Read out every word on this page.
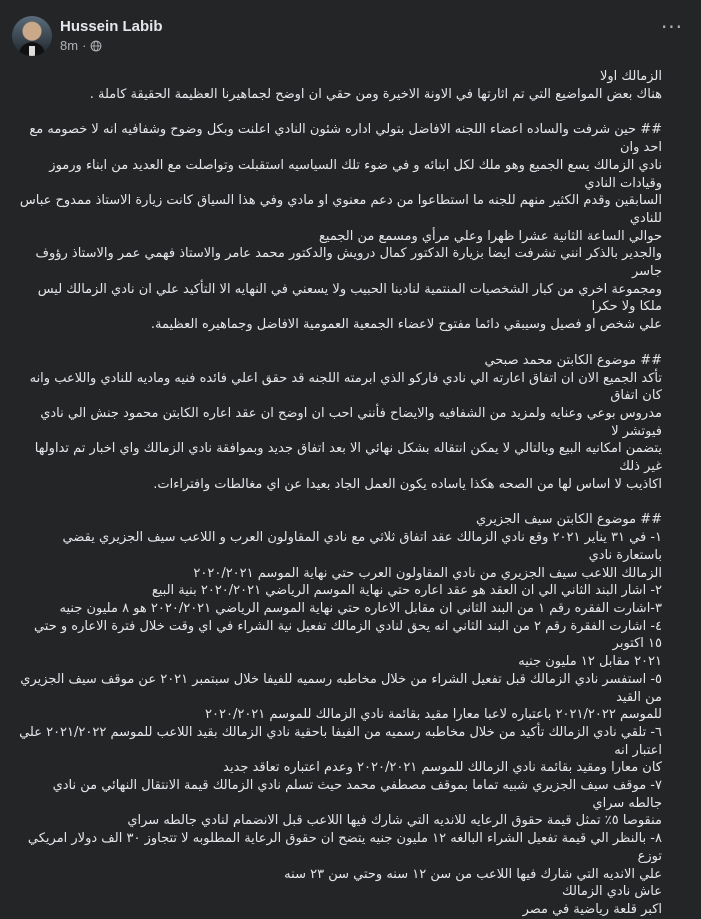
Hussein Labib
8m ·
···
الزمالك اولا
هناك بعض المواضيع التي تم اثارتها في الاونة الاخيرة ومن حقي ان اوضح لجماهيرنا العظيمة الحقيقة كاملة .
## حين شرفت والساده اعضاء اللجنه الافاضل بتولي اداره شئون النادي اعلنت وبكل وضوح وشفافيه انه لا خصومه مع احد وان
نادي الزمالك يسع الجميع وهو ملك لكل ابنائه و في ضوء تلك السياسيه استقبلت وتواصلت مع العديد من ابناء ورموز وقيادات النادي
السابقين وقدم الكثير منهم للجنه ما استطاعوا من دعم معنوي او مادي وفي هذا السياق كانت زيارة الاستاذ ممدوح عباس للنادي
حوالي الساعة الثانية عشرا ظهرا وعلي مرأي ومسمع من الجميع
والجدير بالذكر انني تشرفت ايضا بزيارة الدكتور كمال درويش والدكتور محمد عامر والاستاذ فهمي عمر والاستاذ رؤوف جاسر
ومجموعة اخري من كبار الشخصيات المنتمية لنادينا الحبيب ولا يسعني في النهايه الا التأكيد علي ان نادي الزمالك ليس ملكا ولا حكرا
علي شخص او فصيل وسيبقي دائما مفتوح لاعضاء الجمعية العمومية الافاضل وجماهيره العظيمة.
## موضوع الكابتن محمد صبحي
تأكد الجميع الان ان اتفاق اعارته الي نادي فاركو الذي ابرمته اللجنه قد حقق اعلي فائده فنيه وماديه للنادي واللاعب وانه كان اتفاق
مدروس بوعي وعنايه ولمزيد من الشفافيه والايضاح فأنني احب ان اوضح ان عقد اعاره الكابتن محمود جنش الي نادي فيوتشر لا
يتضمن امكانيه البيع وبالتالي لا يمكن انتقاله بشكل نهائي الا بعد اتفاق جديد وبموافقة نادي الزمالك واي اخبار تم تداولها غير ذلك
اكاذيب لا اساس لها من الصحه هكذا ياساده يكون العمل الجاد بعيدا عن اي مغالطات وافتراءات.
## موضوع الكابتن سيف الجزيري
١- في ٣١ يناير ٢٠٢١ وقع نادي الزمالك عقد اتفاق ثلاثي مع نادي المقاولون العرب و اللاعب سيف الجزيري يقضي باستعارة نادي
الزمالك اللاعب سيف الجزيري من نادي المقاولون العرب حتي نهاية الموسم ٢٠٢٠/٢٠٢١
٢- اشار البند الثاني الي ان العقد هو عقد اعاره حتي نهاية الموسم الرياضي ٢٠٢٠/٢٠٢١ بنية البيع
٣-اشارت الفقره رقم ١ من البند الثاني ان مقابل الاعاره حتي نهاية الموسم الرياضي ٢٠٢٠/٢٠٢١ هو ٨ مليون جنيه
٤- اشارت الفقرة رقم ٢ من البند الثاني انه يحق لنادي الزمالك تفعيل نية الشراء في اي وقت خلال فترة الاعاره و حتي ١٥ اكتوبر
٢٠٢١ مقابل ١٢ مليون جنيه
٥- استفسر نادي الزمالك قبل تفعيل الشراء من خلال مخاطبه رسميه للفيفا خلال سبتمبر ٢٠٢١ عن موقف سيف الجزيري من القيد
للموسم ٢٠٢١/٢٠٢٢ باعتباره لاعبا معارا مقيد بقائمة نادي الزمالك للموسم ٢٠٢٠/٢٠٢١
٦- تلقي نادي الزمالك تأكيد من خلال مخاطبه رسميه من الفيفا باحقية نادي الزمالك بقيد اللاعب للموسم ٢٠٢١/٢٠٢٢ علي اعتبار انه
كان معارا ومقيد بقائمة نادي الزمالك للموسم ٢٠٢٠/٢٠٢١ وعدم اعتباره تعاقد جديد
٧- موقف سيف الجزيري شبيه تماما بموقف مصطفي محمد حيث تسلم نادي الزمالك قيمة الانتقال النهائي من نادي جالطه سراي
منقوصا ٥٪ تمثل قيمة حقوق الرعايه للانديه التي شارك فيها اللاعب قبل الانضمام لنادي جالطه سراي
٨- بالنظر الي قيمة تفعيل الشراء البالغه ١٢ مليون جنيه يتضح ان حقوق الرعاية المطلوبه لا تتجاوز ٣٠ الف دولار امريكي توزع
علي الانديه التي شارك فيها اللاعب من سن ١٢ سنه وحتي سن ٢٣ سنه
عاش نادي الزمالك
اكبر قلعة رياضية في مصر
